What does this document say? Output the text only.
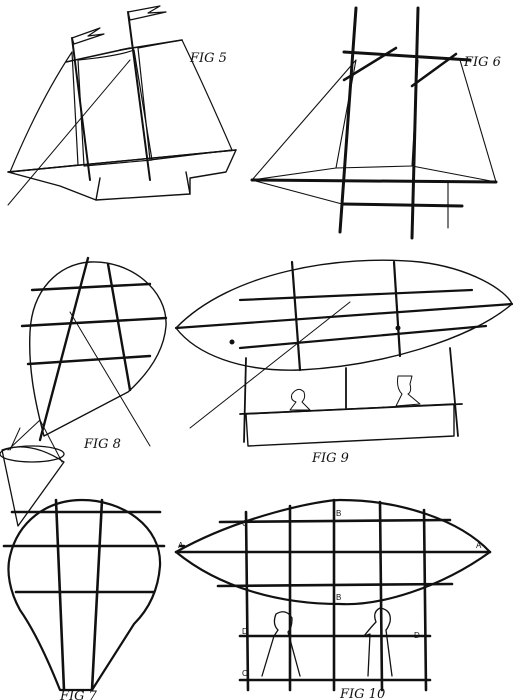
FIG 5	FIG 6
FIG 8
FIG 9
FIG 7
A	A
B
B
C
C
D	D
FIG 10
